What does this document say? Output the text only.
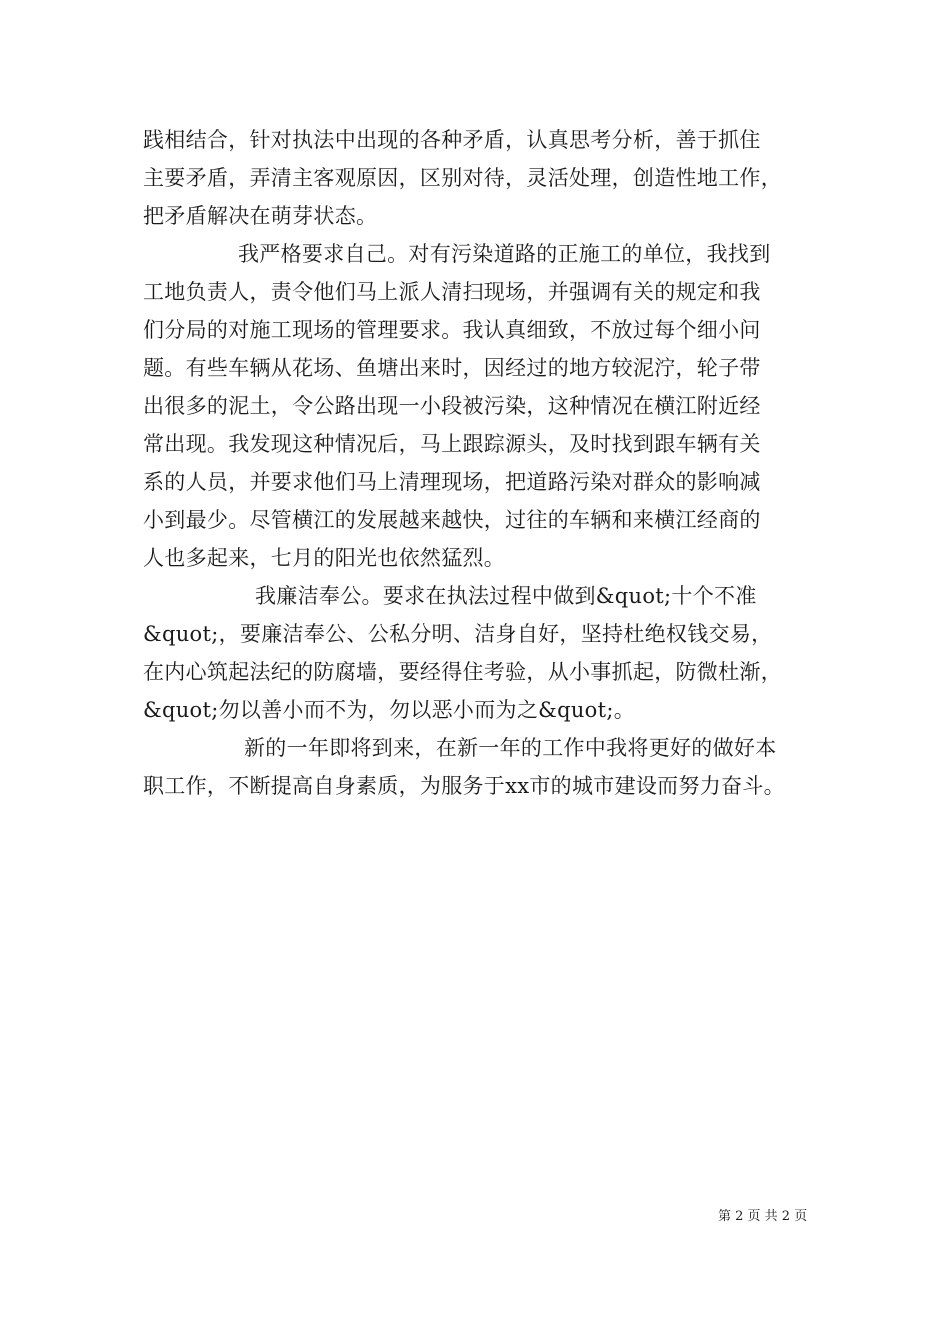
践相结合，针对执法中出现的各种矛盾，认真思考分析，善于抓住
主要矛盾，弄清主客观原因，区别对待，灵活处理，创造性地工作，
把矛盾解决在萌芽状态。
我严格要求自己。对有污染道路的正施工的单位，我找到
工地负责人，责令他们马上派人清扫现场，并强调有关的规定和我
们分局的对施工现场的管理要求。我认真细致，不放过每个细小问
题。有些车辆从花场、鱼塘出来时，因经过的地方较泥泞，轮子带
出很多的泥土，令公路出现一小段被污染，这种情况在横江附近经
常出现。我发现这种情况后，马上跟踪源头，及时找到跟车辆有关
系的人员，并要求他们马上清理现场，把道路污染对群众的影响减
小到最少。尽管横江的发展越来越快，过往的车辆和来横江经商的
人也多起来，七月的阳光也依然猛烈。
我廉洁奉公。要求在执法过程中做到&quot;十个不准
&quot;，要廉洁奉公、公私分明、洁身自好，坚持杜绝权钱交易，
在内心筑起法纪的防腐墙，要经得住考验，从小事抓起，防微杜渐，
&quot;勿以善小而不为，勿以恶小而为之&quot;。
新的一年即将到来，在新一年的工作中我将更好的做好本
职工作，不断提高自身素质，为服务于xx市的城市建设而努力奋斗。
第 2 页 共 2 页
